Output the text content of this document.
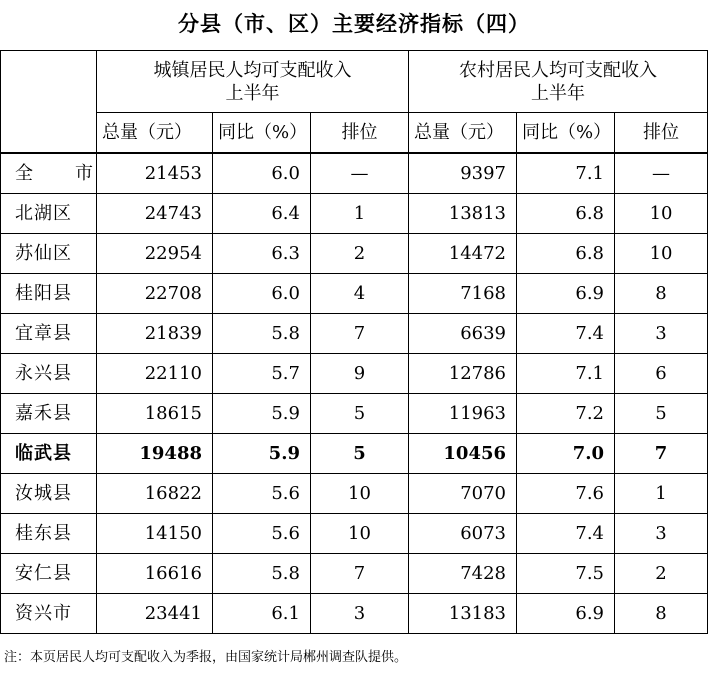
分县（市、区）主要经济指标（四）

	城镇居民人均可支配收入
上半年			农村居民人均可支配收入
上半年		

	总量（元）	同比（%）	排位	总量（元）	同比（%）	排位
全　市	21453	6.0	—	9397	7.1	—
北湖区	24743	6.4	1	13813	6.8	10
苏仙区	22954	6.3	2	14472	6.8	10
桂阳县	22708	6.0	4	7168	6.9	8
宜章县	21839	5.8	7	6639	7.4	3
永兴县	22110	5.7	9	12786	7.1	6
嘉禾县	18615	5.9	5	11963	7.2	5
临武县	19488	5.9	5	10456	7.0	7
汝城县	16822	5.6	10	7070	7.6	1
桂东县	14150	5.6	10	6073	7.4	3
安仁县	16616	5.8	7	7428	7.5	2
资兴市	23441	6.1	3	13183	6.9	8
注：本页居民人均可支配收入为季报，由国家统计局郴州调查队提供。
